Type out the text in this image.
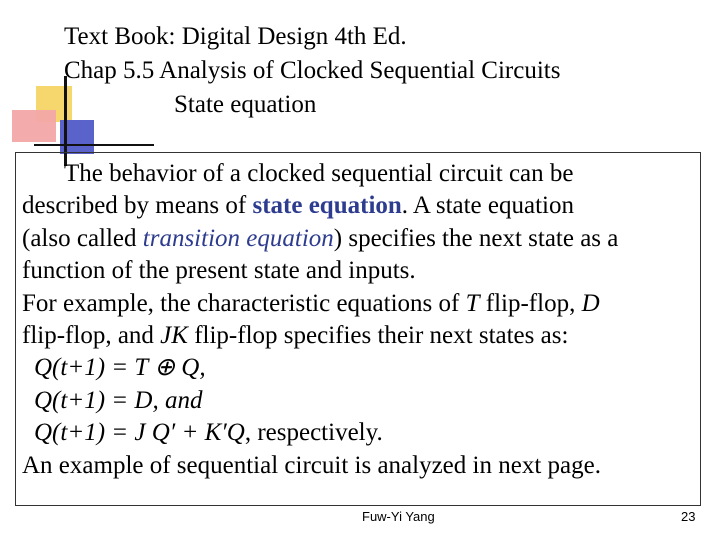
Text Book: Digital Design 4th Ed.
Chap 5.5 Analysis of Clocked Sequential Circuits
State equation

The behavior of a clocked sequential circuit can be

described by means of state equation. A state equation

(also called transition equation) specifies the next state as a

function of the present state and inputs.

For example, the characteristic equations of T flip-flop, D

flip-flop, and JK flip-flop specifies their next states as:

Q(t+1) = T ⊕ Q,

Q(t+1) = D, and

Q(t+1) = J Q′ + K′Q, respectively.

An example of sequential circuit is analyzed in next page.

Fuw-Yi Yang	23
